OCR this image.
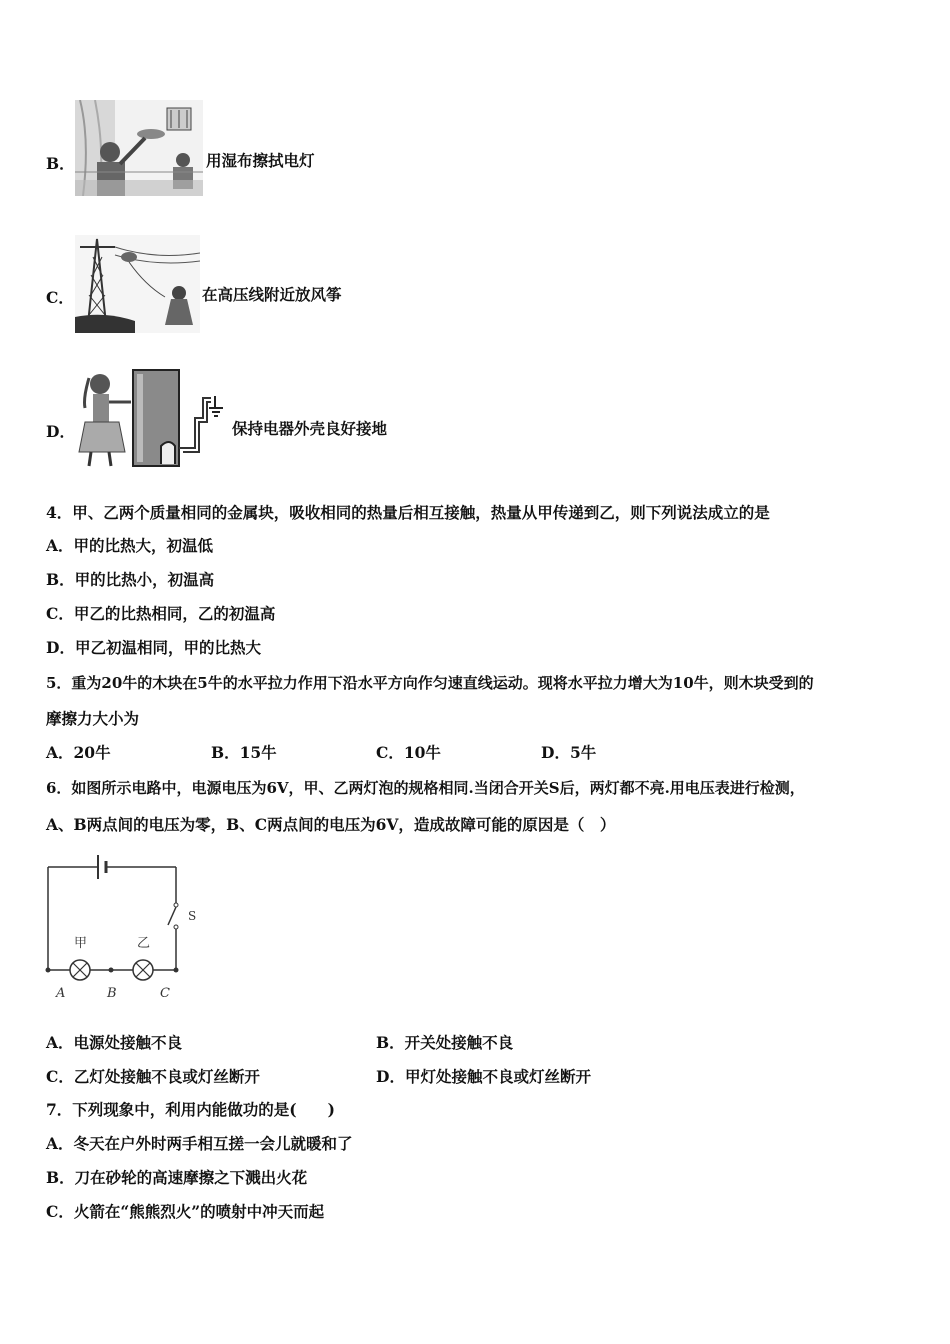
B．	用湿布擦拭电灯
C．	在高压线附近放风筝
D．	保持电器外壳良好接地
4．甲、乙两个质量相同的金属块，吸收相同的热量后相互接触，热量从甲传递到乙，则下列说法成立的是
A．甲的比热大，初温低
B．甲的比热小，初温高
C．甲乙的比热相同，乙的初温高
D．甲乙初温相同，甲的比热大
5．重为20牛的木块在5牛的水平拉力作用下沿水平方向作匀速直线运动。现将水平拉力增大为10牛，则木块受到的
摩擦力大小为
A．20牛	B．15牛	C．10牛	D．5牛
6．如图所示电路中，电源电压为6V，甲、乙两灯泡的规格相同.当闭合开关S后，两灯都不亮.用电压表进行检测，
A、B两点间的电压为零，B、C两点间的电压为6V，造成故障可能的原因是（　）
S
甲	乙
A	B	C
A．电源处接触不良	B．开关处接触不良
C．乙灯处接触不良或灯丝断开	D．甲灯处接触不良或灯丝断开
7．下列现象中，利用内能做功的是(　　)
A．冬天在户外时两手相互搓一会儿就暖和了
B．刀在砂轮的高速摩擦之下溅出火花
C．火箭在“熊熊烈火”的喷射中冲天而起
